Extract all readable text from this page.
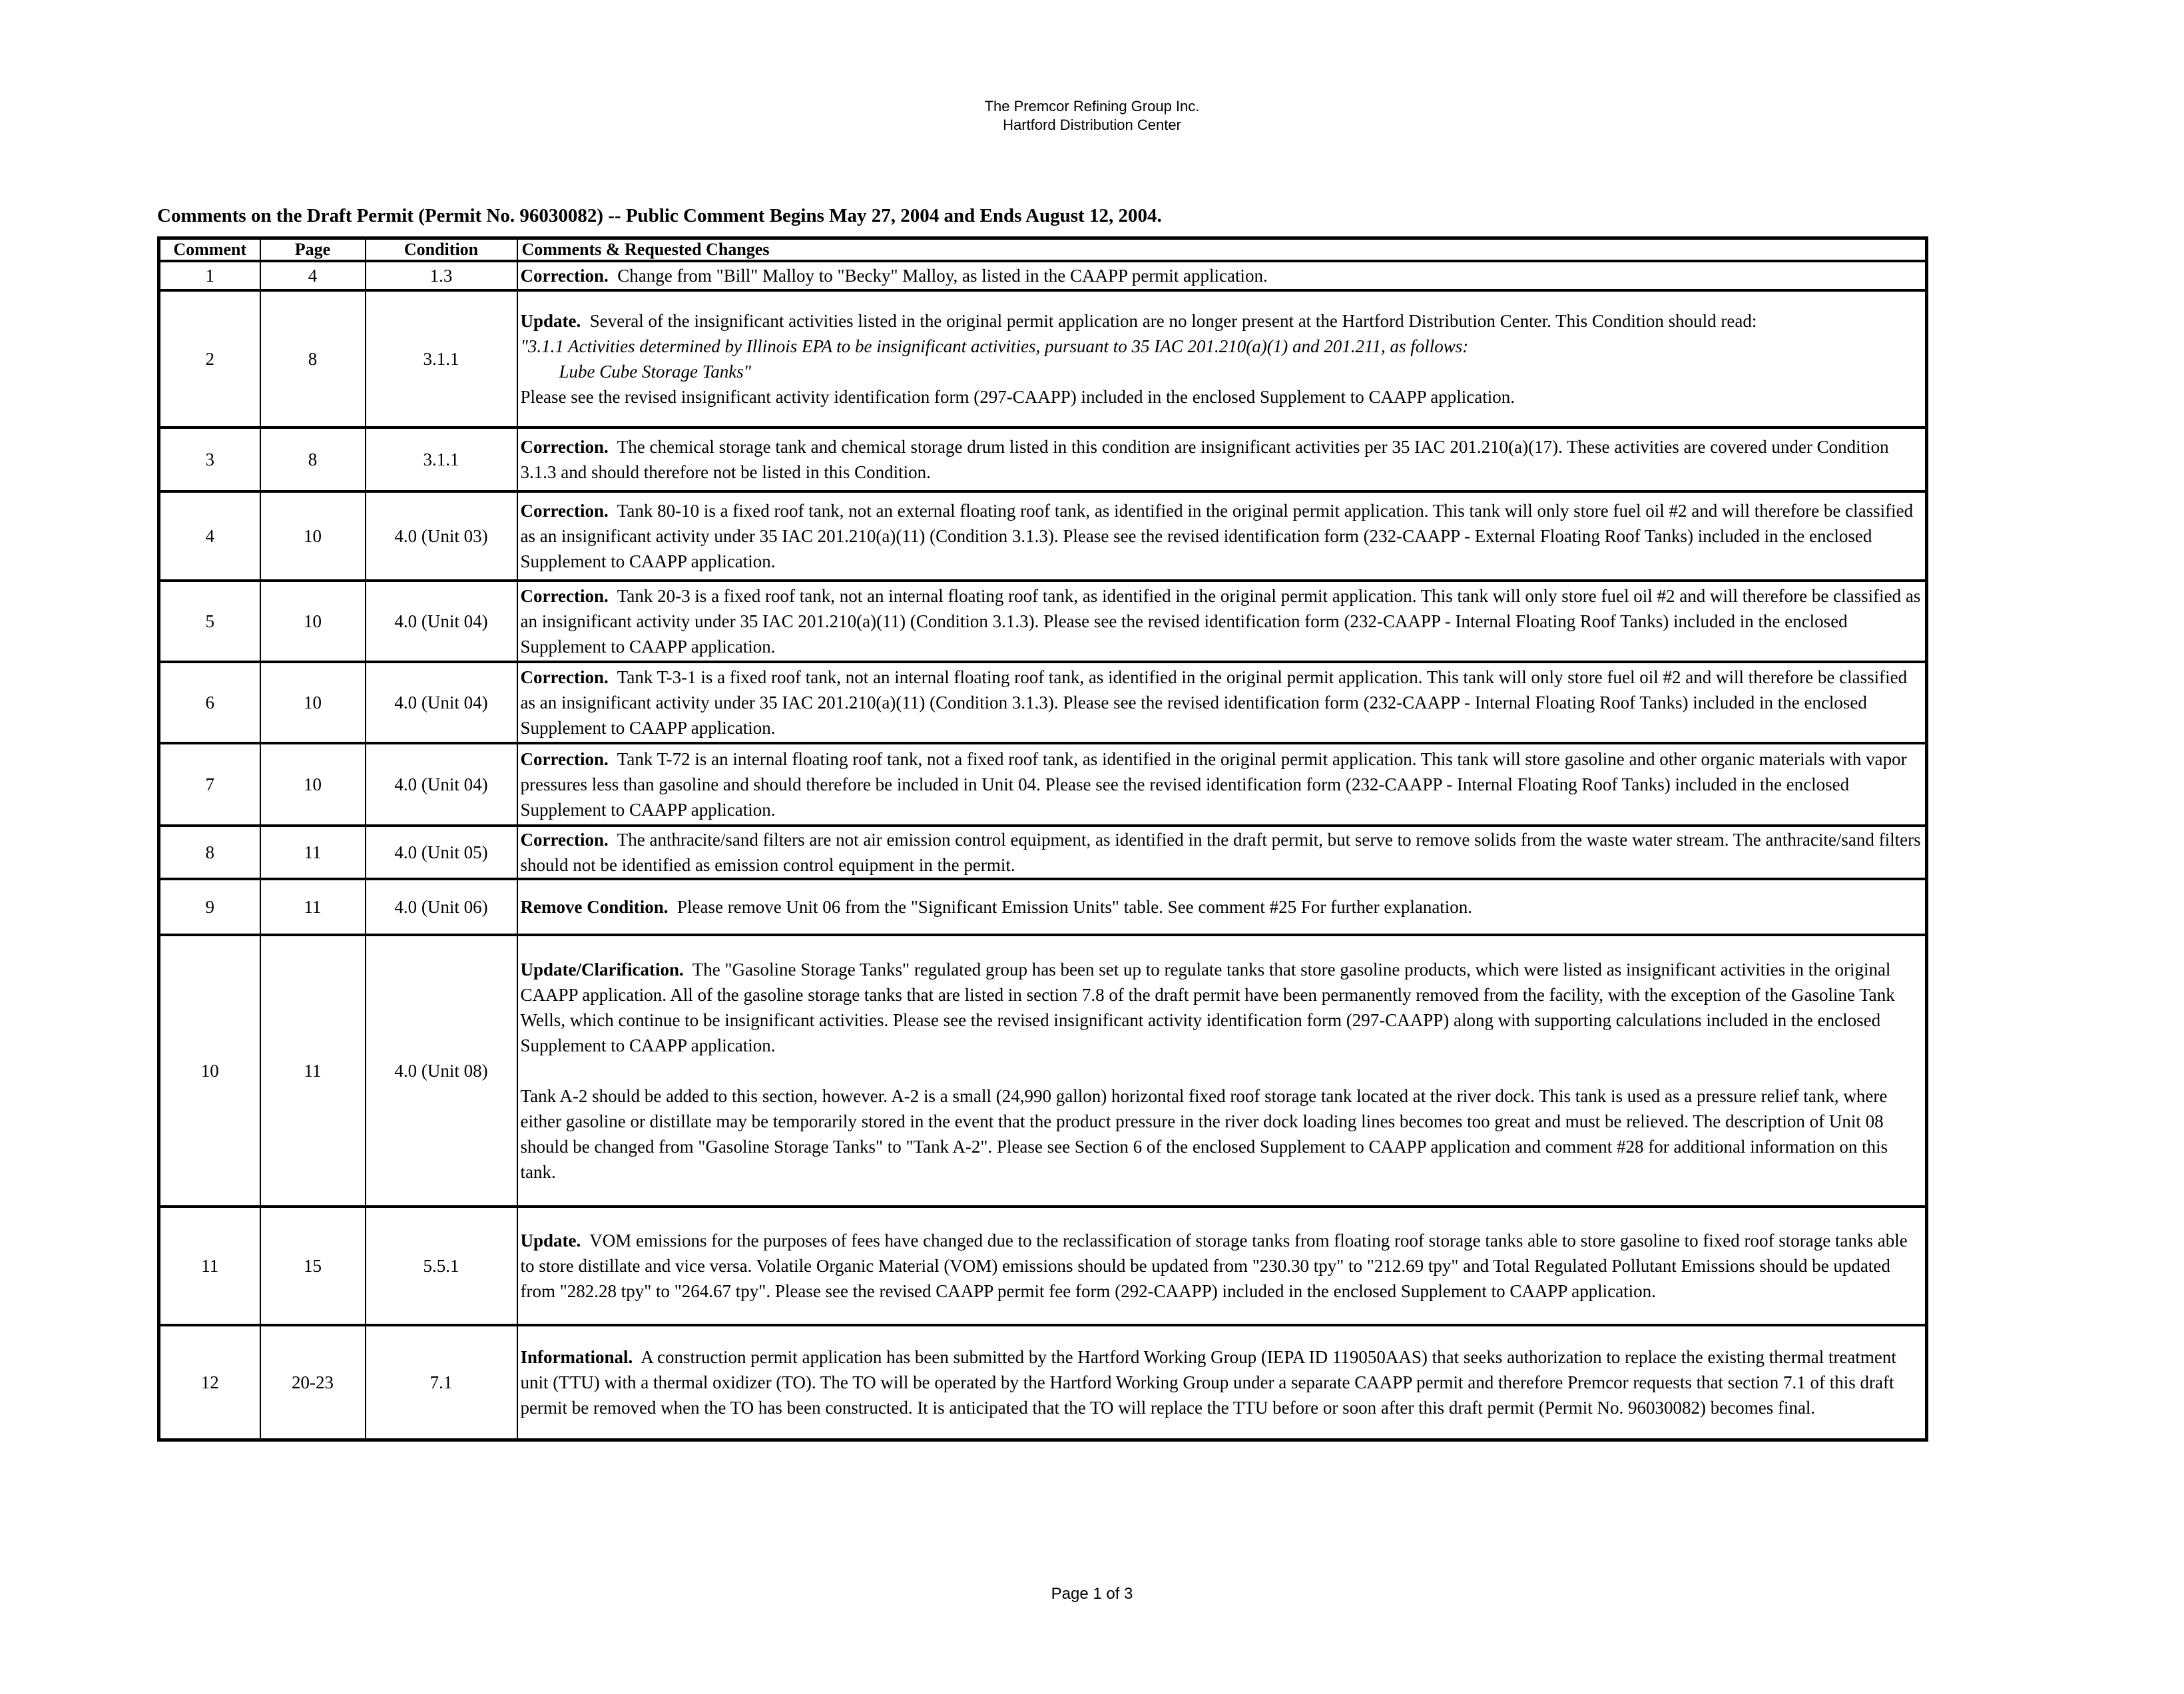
The Premcor Refining Group Inc.
Hartford Distribution Center
Comments on the Draft Permit (Permit No. 96030082) -- Public Comment Begins May 27, 2004 and Ends August 12, 2004.
Comment	Page	Condition	Comments & Requested Changes
1	4	1.3	Correction. Change from "Bill" Malloy to "Becky" Malloy, as listed in the CAAPP permit application.
2	8	3.1.1	Update. Several of the insignificant activities listed in the original permit application are no longer present at the Hartford Distribution Center. This Condition should read:
"3.1.1 Activities determined by Illinois EPA to be insignificant activities, pursuant to 35 IAC 201.210(a)(1) and 201.211, as follows:
Lube Cube Storage Tanks"
Please see the revised insignificant activity identification form (297-CAAPP) included in the enclosed Supplement to CAAPP application.

3	8	3.1.1	Correction. The chemical storage tank and chemical storage drum listed in this condition are insignificant activities per 35 IAC 201.210(a)(17). These activities are covered under Condition 3.1.3 and should therefore not be listed in this Condition.
4	10	4.0 (Unit 03)	Correction. Tank 80-10 is a fixed roof tank, not an external floating roof tank, as identified in the original permit application. This tank will only store fuel oil #2 and will therefore be classified as an insignificant activity under 35 IAC 201.210(a)(11) (Condition 3.1.3). Please see the revised identification form (232-CAAPP - External Floating Roof Tanks) included in the enclosed Supplement to CAAPP application.
5	10	4.0 (Unit 04)	Correction. Tank 20-3 is a fixed roof tank, not an internal floating roof tank, as identified in the original permit application. This tank will only store fuel oil #2 and will therefore be classified as an insignificant activity under 35 IAC 201.210(a)(11) (Condition 3.1.3). Please see the revised identification form (232-CAAPP - Internal Floating Roof Tanks) included in the enclosed Supplement to CAAPP application.
6	10	4.0 (Unit 04)	Correction. Tank T-3-1 is a fixed roof tank, not an internal floating roof tank, as identified in the original permit application. This tank will only store fuel oil #2 and will therefore be classified as an insignificant activity under 35 IAC 201.210(a)(11) (Condition 3.1.3). Please see the revised identification form (232-CAAPP - Internal Floating Roof Tanks) included in the enclosed Supplement to CAAPP application.
7	10	4.0 (Unit 04)	Correction. Tank T-72 is an internal floating roof tank, not a fixed roof tank, as identified in the original permit application. This tank will store gasoline and other organic materials with vapor pressures less than gasoline and should therefore be included in Unit 04. Please see the revised identification form (232-CAAPP - Internal Floating Roof Tanks) included in the enclosed Supplement to CAAPP application.
8	11	4.0 (Unit 05)	Correction. The anthracite/sand filters are not air emission control equipment, as identified in the draft permit, but serve to remove solids from the waste water stream. The anthracite/sand filters should not be identified as emission control equipment in the permit.
9	11	4.0 (Unit 06)	Remove Condition. Please remove Unit 06 from the "Significant Emission Units" table. See comment #25 For further explanation.
10	11	4.0 (Unit 08)	Update/Clarification. The "Gasoline Storage Tanks" regulated group has been set up to regulate tanks that store gasoline products, which were listed as insignificant activities in the original CAAPP application. All of the gasoline storage tanks that are listed in section 7.8 of the draft permit have been permanently removed from the facility, with the exception of the Gasoline Tank Wells, which continue to be insignificant activities. Please see the revised insignificant activity identification form (297-CAAPP) along with supporting calculations included in the enclosed Supplement to CAAPP application.
Tank A-2 should be added to this section, however. A-2 is a small (24,990 gallon) horizontal fixed roof storage tank located at the river dock. This tank is used as a pressure relief tank, where either gasoline or distillate may be temporarily stored in the event that the product pressure in the river dock loading lines becomes too great and must be relieved. The description of Unit 08 should be changed from "Gasoline Storage Tanks" to "Tank A-2". Please see Section 6 of the enclosed Supplement to CAAPP application and comment #28 for additional information on this tank.

11	15	5.5.1	Update. VOM emissions for the purposes of fees have changed due to the reclassification of storage tanks from floating roof storage tanks able to store gasoline to fixed roof storage tanks able to store distillate and vice versa. Volatile Organic Material (VOM) emissions should be updated from "230.30 tpy" to "212.69 tpy" and Total Regulated Pollutant Emissions should be updated from "282.28 tpy" to "264.67 tpy". Please see the revised CAAPP permit fee form (292-CAAPP) included in the enclosed Supplement to CAAPP application.
12	20-23	7.1	Informational. A construction permit application has been submitted by the Hartford Working Group (IEPA ID 119050AAS) that seeks authorization to replace the existing thermal treatment unit (TTU) with a thermal oxidizer (TO). The TO will be operated by the Hartford Working Group under a separate CAAPP permit and therefore Premcor requests that section 7.1 of this draft permit be removed when the TO has been constructed. It is anticipated that the TO will replace the TTU before or soon after this draft permit (Permit No. 96030082) becomes final.
Page 1 of 3
